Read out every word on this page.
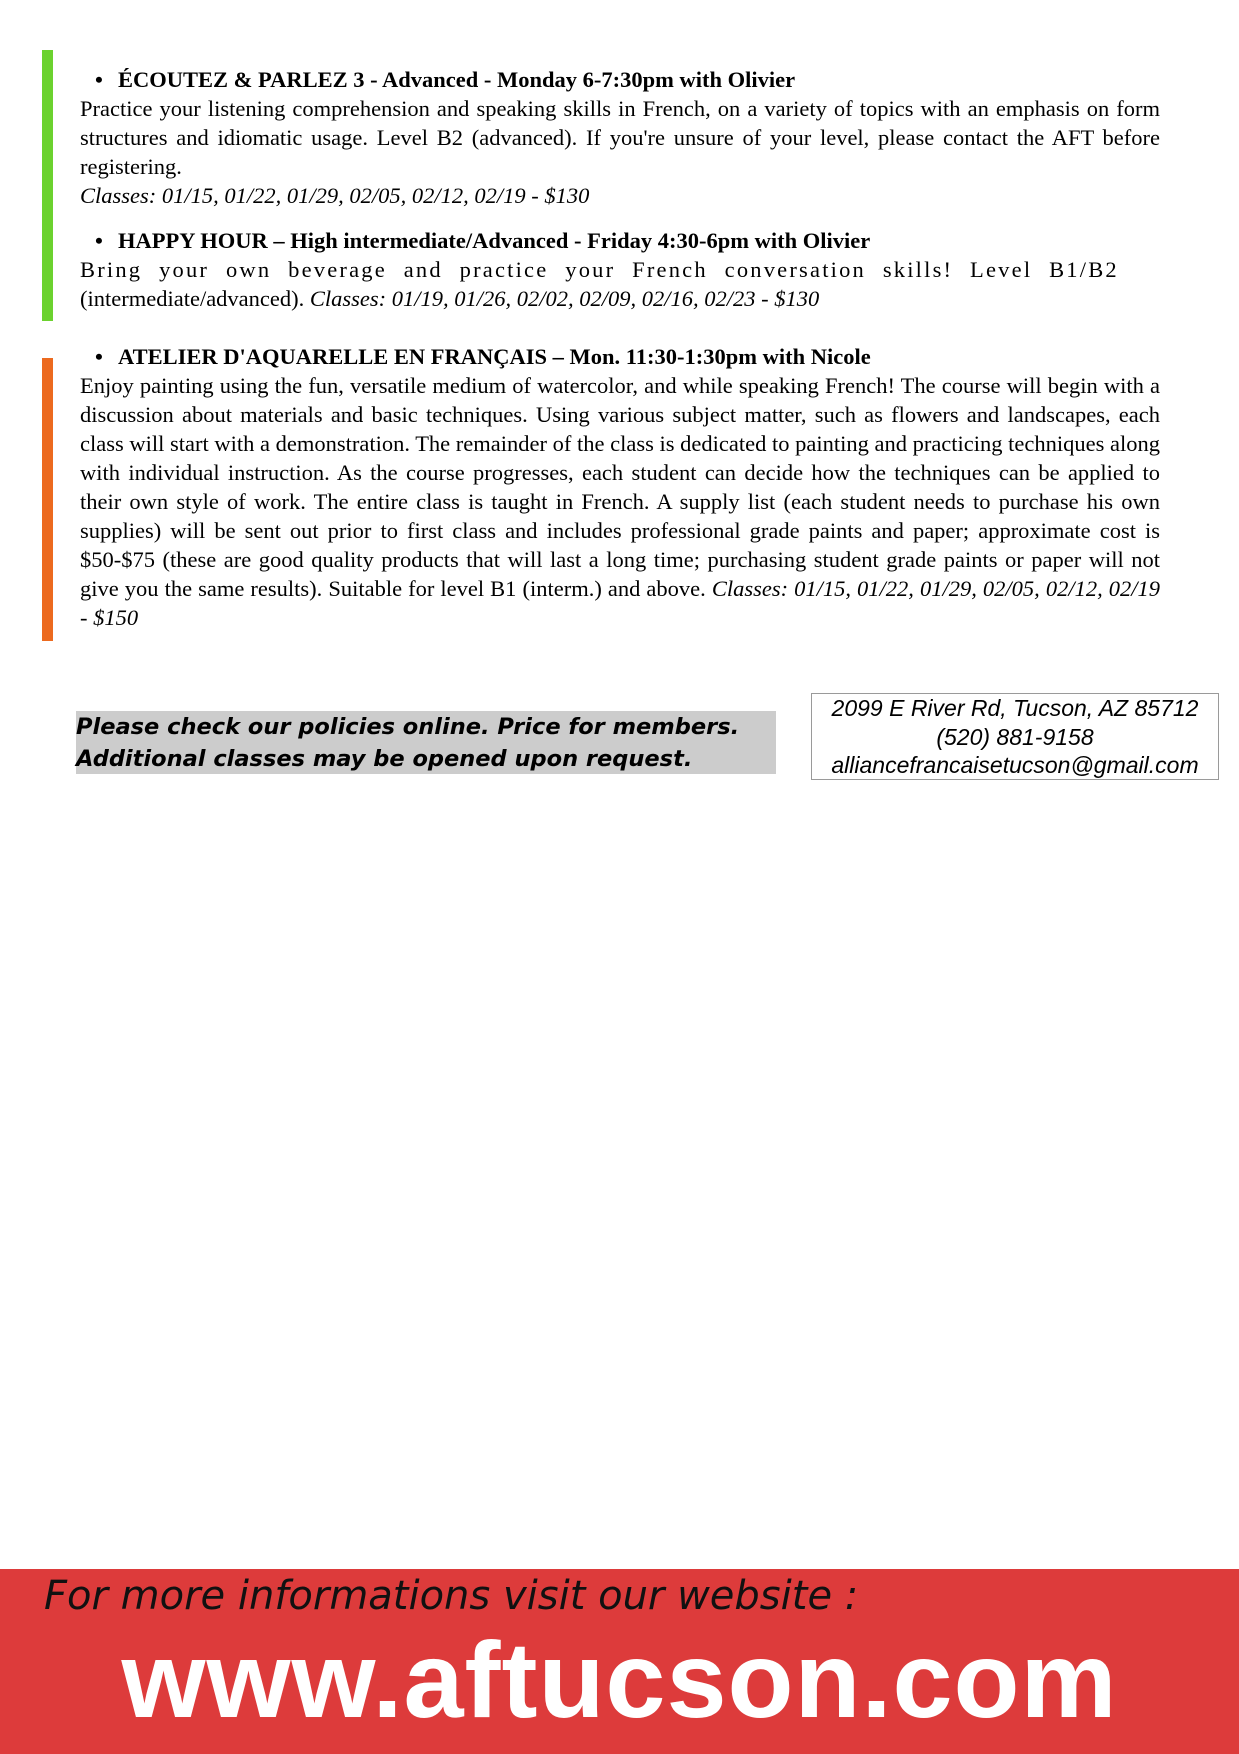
• ÉCOUTEZ & PARLEZ 3 - Advanced - Monday 6-7:30pm with Olivier

Practice your listening comprehension and speaking skills in French, on a variety of topics with an emphasis on form structures and idiomatic usage. Level B2 (advanced). If you're unsure of your level, please contact the AFT before registering.
Classes: 01/15, 01/22, 01/29, 02/05, 02/12, 02/19 - $130

• HAPPY HOUR – High intermediate/Advanced - Friday 4:30-6pm with Olivier

Bring your own beverage and practice your French conversation skills! Level B1/B2
(intermediate/advanced). Classes: 01/19, 01/26, 02/02, 02/09, 02/16, 02/23 - $130

• ATELIER D'AQUARELLE EN FRANÇAIS – Mon. 11:30-1:30pm with Nicole

Enjoy painting using the fun, versatile medium of watercolor, and while speaking French! The course will begin with a discussion about materials and basic techniques. Using various subject matter, such as flowers and landscapes, each class will start with a demonstration. The remainder of the class is dedicated to painting and practicing techniques along with individual instruction. As the course progresses, each student can decide how the techniques can be applied to their own style of work. The entire class is taught in French. A supply list (each student needs to purchase his own supplies) will be sent out prior to first class and includes professional grade paints and paper; approximate cost is $50-$75 (these are good quality products that will last a long time; purchasing student grade paints or paper will not give you the same results). Suitable for level B1 (interm.) and above. Classes: 01/15, 01/22, 01/29, 02/05, 02/12, 02/19 - $150

Please check our policies online. Price for members.
Additional classes may be opened upon request.
2099 E River Rd, Tucson, AZ 85712
(520) 881-9158
alliancefrancaisetucson@gmail.com
For more informations visit our website :
www.aftucson.com
